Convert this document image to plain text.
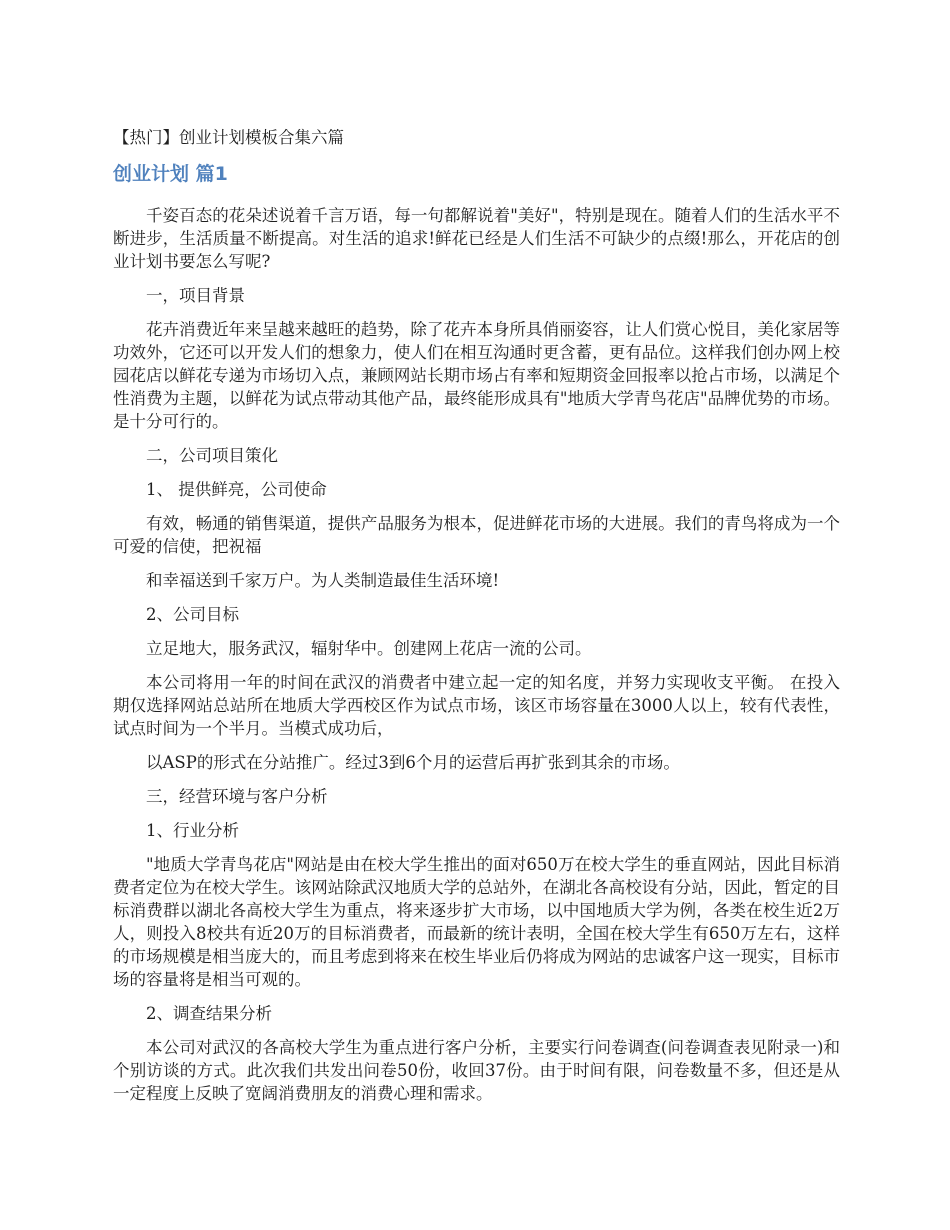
【热门】创业计划模板合集六篇
创业计划 篇1

千姿百态的花朵述说着千言万语，每一句都解说着"美好"，特别是现在。随着人们的生活水平不断进步，生活质量不断提高。对生活的追求!鲜花已经是人们生活不可缺少的点缀!那么，开花店的创业计划书要怎么写呢?

一，项目背景

花卉消费近年来呈越来越旺的趋势，除了花卉本身所具俏丽姿容，让人们赏心悦目，美化家居等功效外，它还可以开发人们的想象力，使人们在相互沟通时更含蓄，更有品位。这样我们创办网上校园花店以鲜花专递为市场切入点，兼顾网站长期市场占有率和短期资金回报率以抢占市场，以满足个性消费为主题，以鲜花为试点带动其他产品，最终能形成具有"地质大学青鸟花店"品牌优势的市场。是十分可行的。

二，公司项目策化

1、 提供鲜亮，公司使命

有效，畅通的销售渠道，提供产品服务为根本，促进鲜花市场的大进展。我们的青鸟将成为一个可爱的信使，把祝福

和幸福送到千家万户。为人类制造最佳生活环境!

2、公司目标

立足地大，服务武汉，辐射华中。创建网上花店一流的公司。

本公司将用一年的时间在武汉的消费者中建立起一定的知名度，并努力实现收支平衡。 在投入期仅选择网站总站所在地质大学西校区作为试点市场，该区市场容量在3000人以上，较有代表性，试点时间为一个半月。当模式成功后，

以ASP的形式在分站推广。经过3到6个月的运营后再扩张到其余的市场。

三，经营环境与客户分析

1、行业分析

"地质大学青鸟花店"网站是由在校大学生推出的面对650万在校大学生的垂直网站，因此目标消费者定位为在校大学生。该网站除武汉地质大学的总站外，在湖北各高校设有分站，因此，暂定的目标消费群以湖北各高校大学生为重点，将来逐步扩大市场，以中国地质大学为例，各类在校生近2万人，则投入8校共有近20万的目标消费者，而最新的统计表明，全国在校大学生有650万左右，这样的市场规模是相当庞大的，而且考虑到将来在校生毕业后仍将成为网站的忠诚客户这一现实，目标市场的容量将是相当可观的。

2、调查结果分析

本公司对武汉的各高校大学生为重点进行客户分析，主要实行问卷调查(问卷调查表见附录一)和个别访谈的方式。此次我们共发出问卷50份，收回37份。由于时间有限，问卷数量不多，但还是从一定程度上反映了宽阔消费朋友的消费心理和需求。
